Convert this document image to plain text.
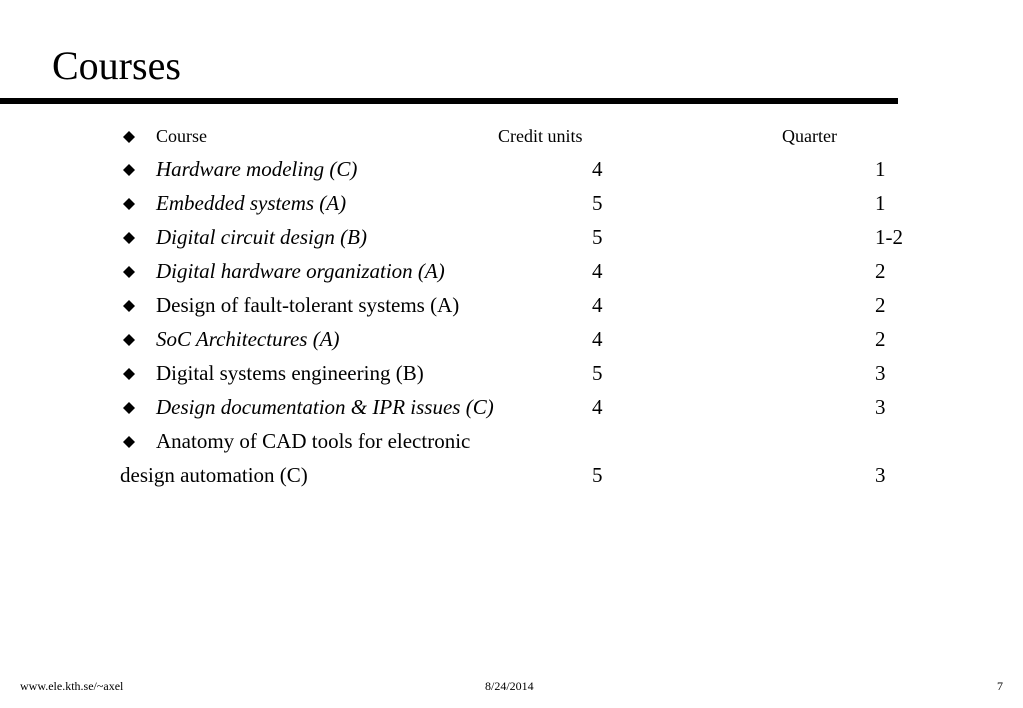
Courses
Course	Credit units	Quarter
Hardware modeling (C)	4	1
Embedded systems (A)	5	1
Digital circuit design (B)	5	1-2
Digital hardware organization (A)	4	2
Design of fault-tolerant systems (A)	4	2
SoC Architectures (A)	4	2
Digital systems engineering (B)	5	3
Design documentation & IPR issues (C)	4	3
Anatomy of CAD tools for electronic
design automation (C)	5	3
www.ele.kth.se/~axel	8/24/2014	7
